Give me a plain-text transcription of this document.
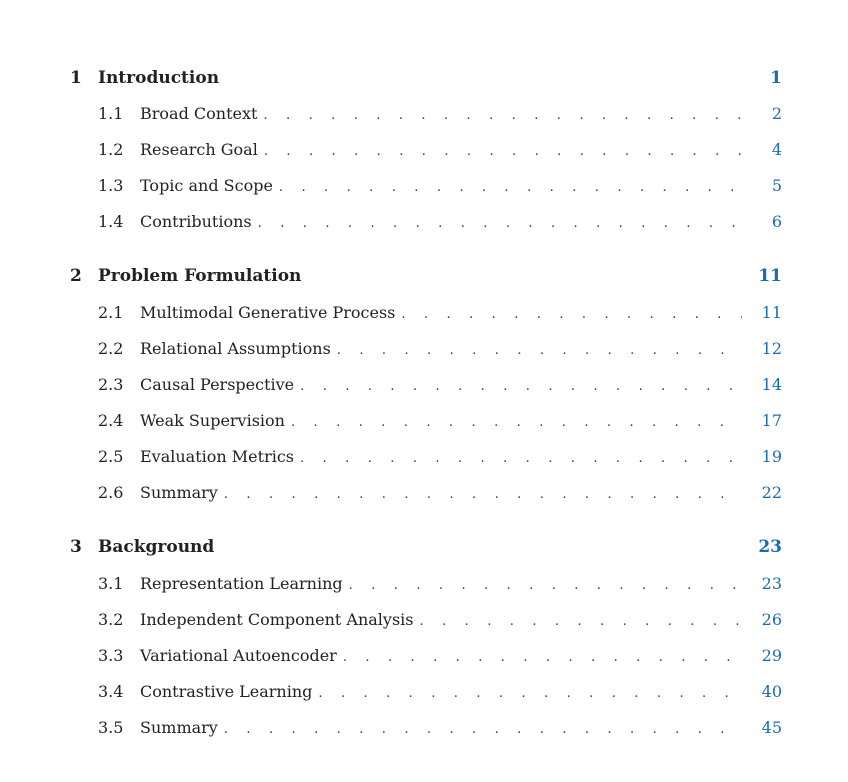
1 Introduction	1
1.1 Broad Context . . .	2
1.2 Research Goal . . .	4
1.3 Topic and Scope . . .	5
1.4 Contributions . . .	6
2 Problem Formulation	11
2.1 Multimodal Generative Process . . .	11
2.2 Relational Assumptions . . .	12
2.3 Causal Perspective . . .	14
2.4 Weak Supervision . . .	17
2.5 Evaluation Metrics . . .	19
2.6 Summary . . .	22
3 Background	23
3.1 Representation Learning . . .	23
3.2 Independent Component Analysis . . .	26
3.3 Variational Autoencoder . . .	29
3.4 Contrastive Learning . . .	40
3.5 Summary . . .	45
